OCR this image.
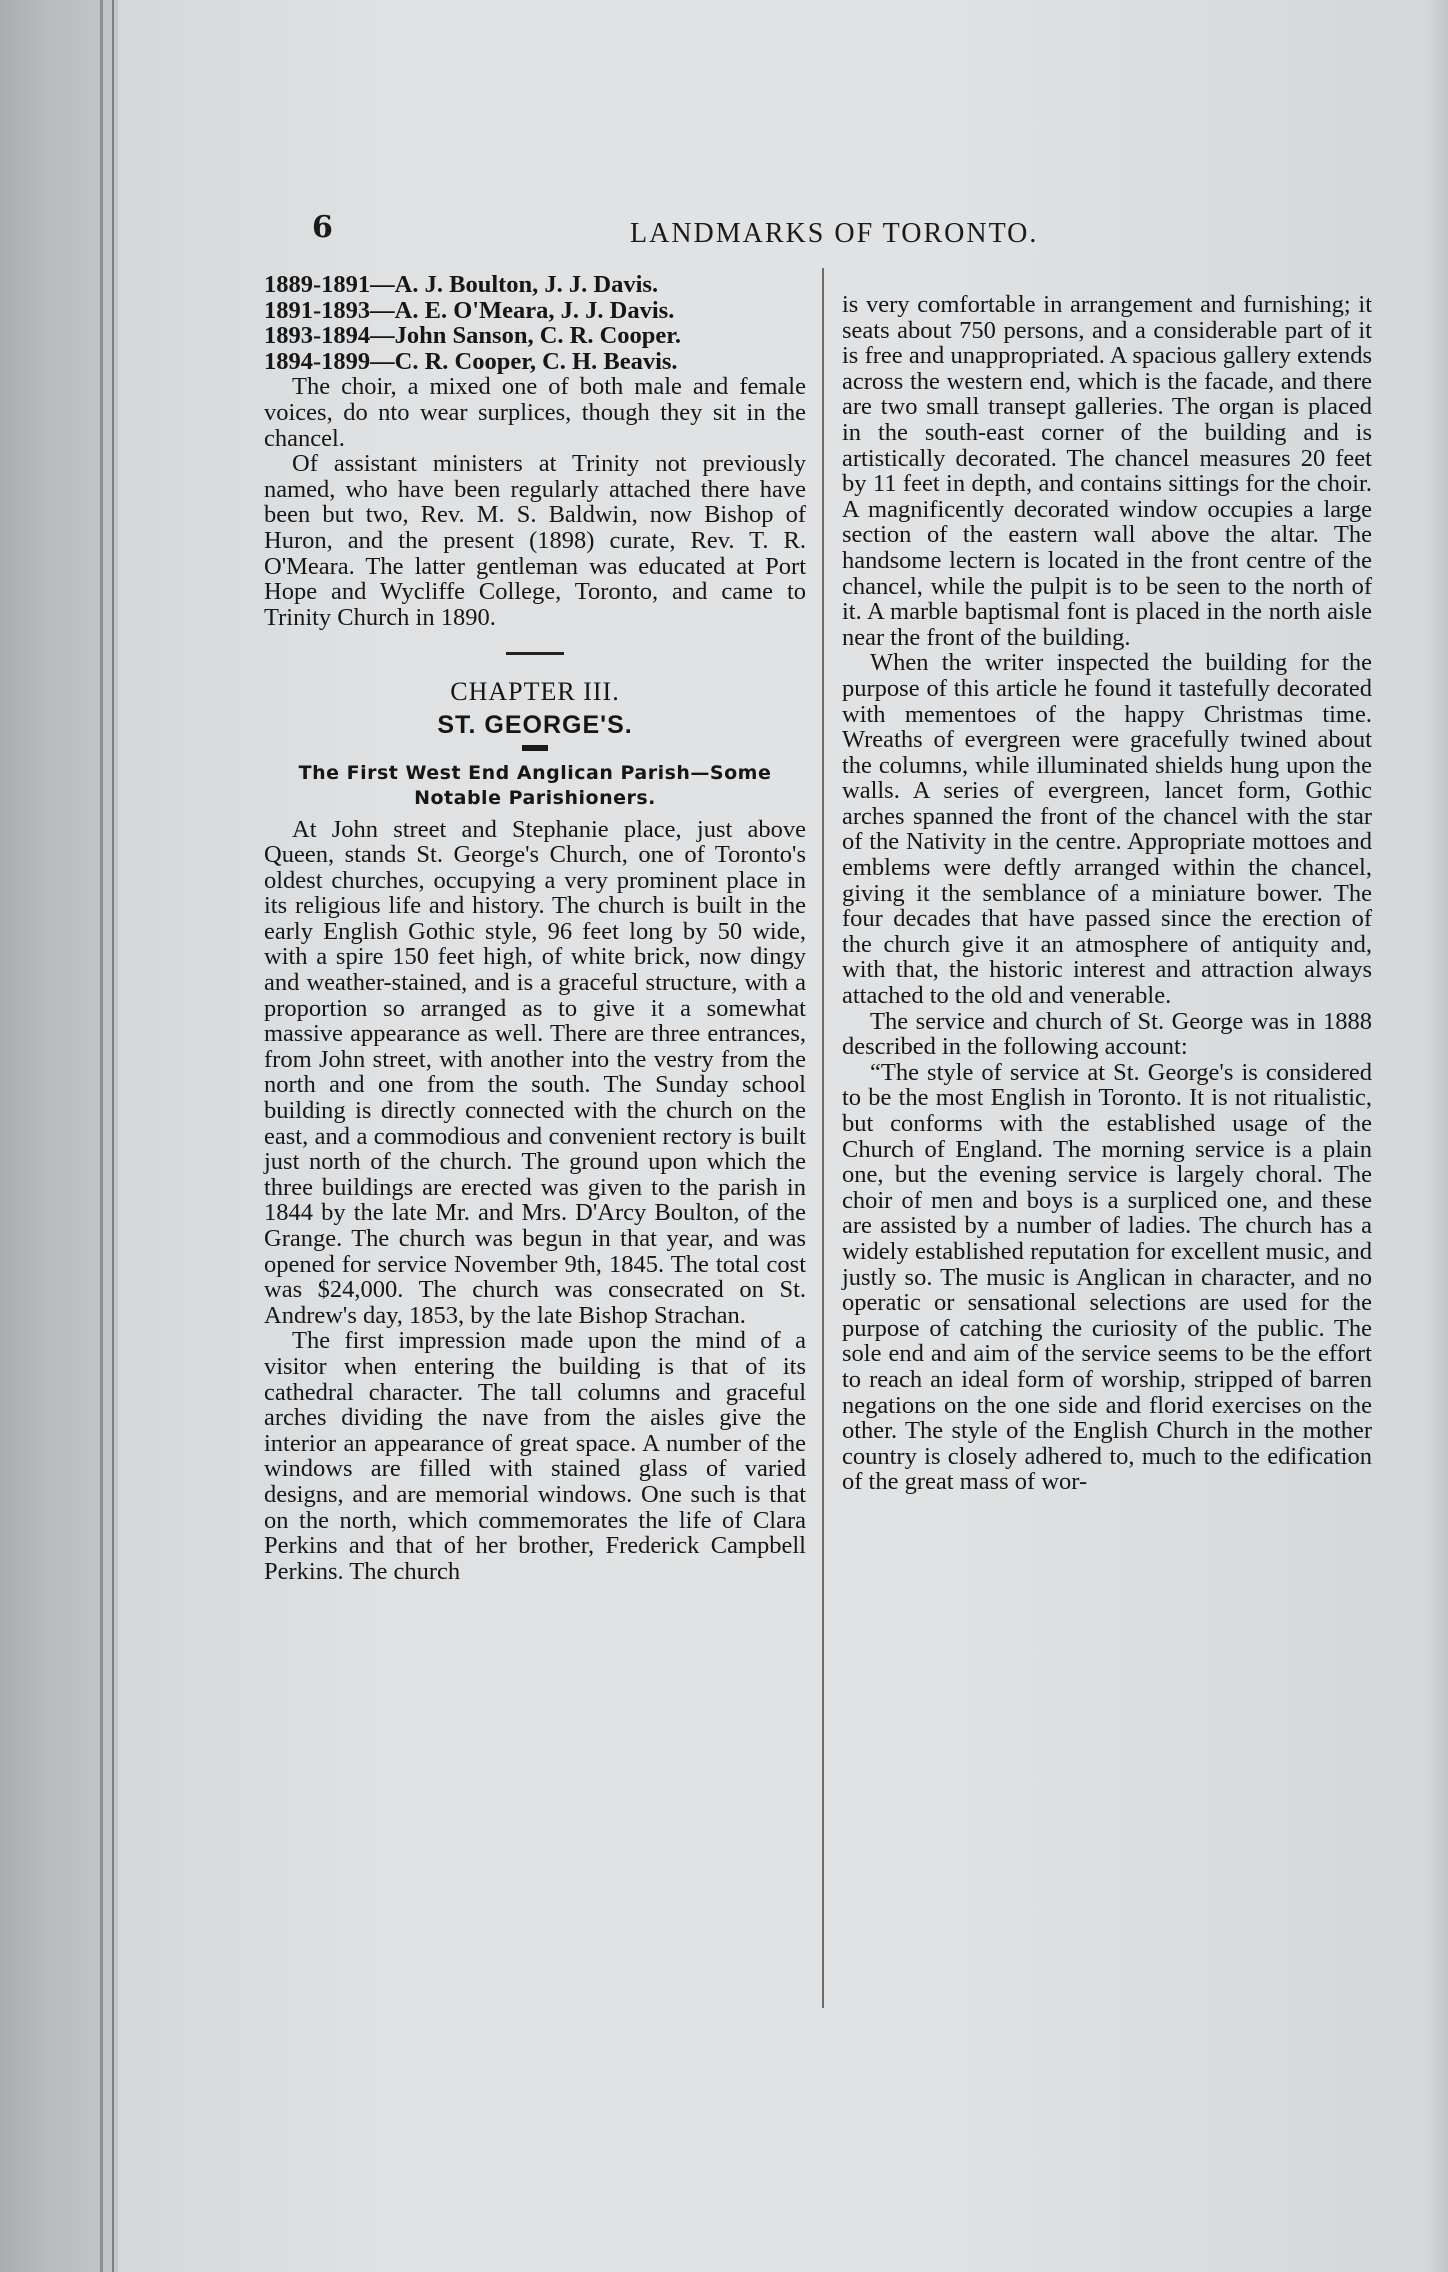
6	LANDMARKS OF TORONTO.
1889-1891—A. J. Boulton, J. J. Davis.
1891-1893—A. E. O'Meara, J. J. Davis.
1893-1894—John Sanson, C. R. Cooper.
1894-1899—C. R. Cooper, C. H. Beavis.

The choir, a mixed one of both male and female voices, do nto wear surplices, though they sit in the chancel.

Of assistant ministers at Trinity not previously named, who have been regularly attached there have been but two, Rev. M. S. Baldwin, now Bishop of Huron, and the present (1898) curate, Rev. T. R. O'Meara. The latter gentleman was educated at Port Hope and Wycliffe College, Toronto, and came to Trinity Church in 1890.

CHAPTER III.
ST. GEORGE'S.
The First West End Anglican Parish—Some Notable Parishioners.

At John street and Stephanie place, just above Queen, stands St. George's Church, one of Toronto's oldest churches, occupying a very prominent place in its religious life and history. The church is built in the early English Gothic style, 96 feet long by 50 wide, with a spire 150 feet high, of white brick, now dingy and weather-stained, and is a graceful structure, with a proportion so arranged as to give it a somewhat massive appearance as well. There are three entrances, from John street, with another into the vestry from the north and one from the south. The Sunday school building is directly connected with the church on the east, and a commodious and convenient rectory is built just north of the church. The ground upon which the three buildings are erected was given to the parish in 1844 by the late Mr. and Mrs. D'Arcy Boulton, of the Grange. The church was begun in that year, and was opened for service November 9th, 1845. The total cost was $24,000. The church was consecrated on St. Andrew's day, 1853, by the late Bishop Strachan.

The first impression made upon the mind of a visitor when entering the building is that of its cathedral character. The tall columns and graceful arches dividing the nave from the aisles give the interior an appearance of great space. A number of the windows are filled with stained glass of varied designs, and are memorial windows. One such is that on the north, which commemorates the life of Clara Perkins and that of her brother, Frederick Campbell Perkins. The church

is very comfortable in arrangement and furnishing; it seats about 750 persons, and a considerable part of it is free and unappropriated. A spacious gallery extends across the western end, which is the facade, and there are two small transept galleries. The organ is placed in the south-east corner of the building and is artistically decorated. The chancel measures 20 feet by 11 feet in depth, and contains sittings for the choir. A magnificently decorated window occupies a large section of the eastern wall above the altar. The handsome lectern is located in the front centre of the chancel, while the pulpit is to be seen to the north of it. A marble baptismal font is placed in the north aisle near the front of the building.

When the writer inspected the building for the purpose of this article he found it tastefully decorated with mementoes of the happy Christmas time. Wreaths of evergreen were gracefully twined about the columns, while illuminated shields hung upon the walls. A series of evergreen, lancet form, Gothic arches spanned the front of the chancel with the star of the Nativity in the centre. Appropriate mottoes and emblems were deftly arranged within the chancel, giving it the semblance of a miniature bower. The four decades that have passed since the erection of the church give it an atmosphere of antiquity and, with that, the historic interest and attraction always attached to the old and venerable.

The service and church of St. George was in 1888 described in the following account:

“The style of service at St. George's is considered to be the most English in Toronto. It is not ritualistic, but conforms with the established usage of the Church of England. The morning service is a plain one, but the evening service is largely choral. The choir of men and boys is a surpliced one, and these are assisted by a number of ladies. The church has a widely established reputation for excellent music, and justly so. The music is Anglican in character, and no operatic or sensational selections are used for the purpose of catching the curiosity of the public. The sole end and aim of the service seems to be the effort to reach an ideal form of worship, stripped of barren negations on the one side and florid exercises on the other. The style of the English Church in the mother country is closely adhered to, much to the edification of the great mass of wor-
